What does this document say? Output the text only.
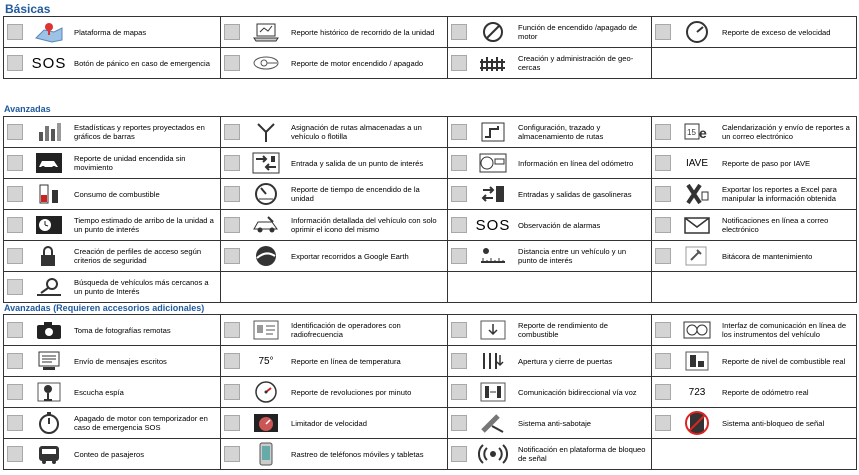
Básicas
Plataforma de mapas	Reporte histórico de recorrido de la unidad	Función de encendido /apagado de motor	Reporte de exceso de velocidad

SOS Botón de pánico en caso de emergencia	Reporte de motor encendido / apagado	Creación y administración de geo-cercas	

Avanzadas
Estadísticas y reportes proyectados en gráficos de barras	Asignación de rutas almacenadas a un vehículo o flotilla	Configuración, trazado y almacenamiento de rutas	15 e Calendarización y envío de reportes a un correo electrónico

Reporte de unidad encendida sin movimiento	Entrada y salida de un punto de interés	Información en línea del odómetro	IAVE Reporte de paso por IAVE

Consumo de combustible	Reporte de tiempo de encendido de la unidad	Entradas y salidas de gasolineras	Exportar los reportes a Excel para manipular la información obtenida

Tiempo estimado de arribo de la unidad a un punto de interés	Información detallada del vehículo con solo oprimir el icono del mismo	SOS Observación de alarmas	Notificaciones en línea a correo electrónico

Creación de perfiles de acceso según criterios de seguridad	Exportar recorridos a Google Earth	Distancia entre un vehículo y un punto de interés	Bitácora de mantenimiento

Búsqueda de vehículos más cercanos a un punto de Interés			

Avanzadas (Requieren accesorios adicionales)
Toma de fotografías remotas	Identificación de operadores con radiofrecuencia	Reporte de rendimiento de combustible	Interfaz de comunicación en línea de los instrumentos del vehículo

Envío de mensajes escritos	75° Reporte en línea de temperatura	Apertura y cierre de puertas	Reporte de nivel de combustible real

Escucha espía	Reporte de revoluciones por minuto	Comunicación bidireccional vía voz	723 Reporte de odómetro real

Apagado de motor con temporizador en caso de emergencia SOS	Limitador de velocidad	Sistema anti-sabotaje	Sistema anti-bloqueo de señal

Conteo de pasajeros	Rastreo de teléfonos móviles y tabletas	Notificación en plataforma de bloqueo de señal	
